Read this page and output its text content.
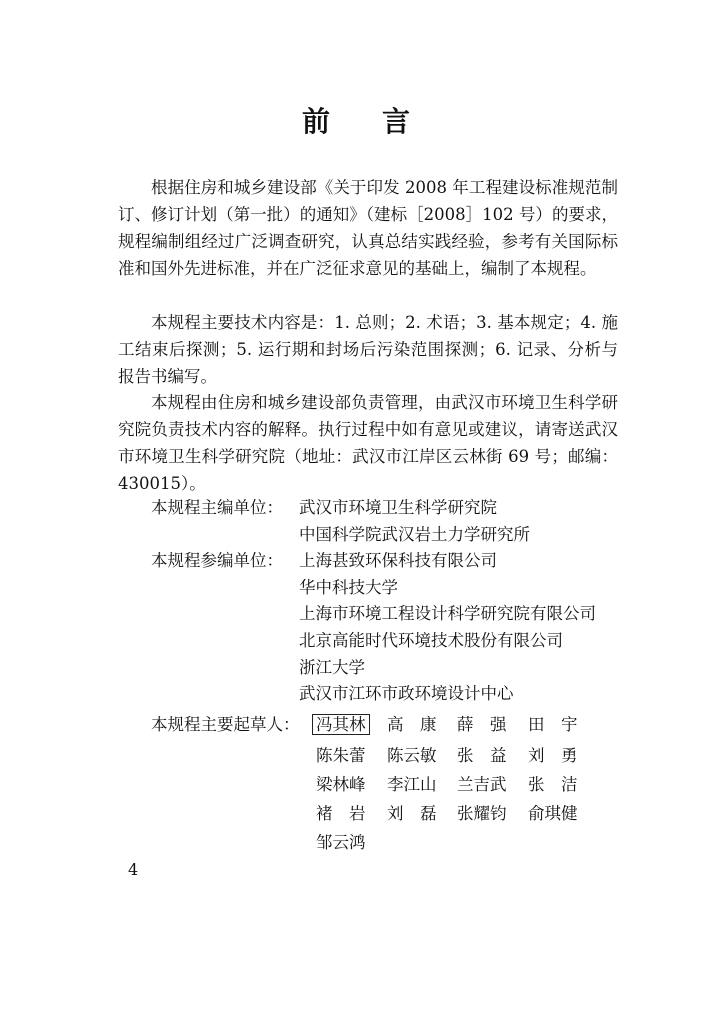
前 言

根据住房和城乡建设部《关于印发 2008 年工程建设标准规范制订、修订计划（第一批）的通知》（建标［2008］102 号）的要求，规程编制组经过广泛调查研究，认真总结实践经验，参考有关国际标准和国外先进标准，并在广泛征求意见的基础上，编制了本规程。

本规程主要技术内容是：1. 总则；2. 术语；3. 基本规定；4. 施工结束后探测；5. 运行期和封场后污染范围探测；6. 记录、分析与报告书编写。

本规程由住房和城乡建设部负责管理，由武汉市环境卫生科学研究院负责技术内容的解释。执行过程中如有意见或建议，请寄送武汉市环境卫生科学研究院（地址：武汉市江岸区云林街 69 号；邮编：430015）。

本规程主编单位： 武汉市环境卫生科学研究院
中国科学院武汉岩土力学研究所
本规程参编单位： 上海甚致环保科技有限公司
华中科技大学
上海市环境工程设计科学研究院有限公司
北京高能时代环境技术股份有限公司
浙江大学
武汉市江环市政环境设计中心
本规程主要起草人： 冯其林 高　康 薛　强 田　宇
陈朱蕾 陈云敏 张　益 刘　勇
梁林峰 李江山 兰吉武 张　洁
褚　岩 刘　磊 张耀钧 俞琪健
邹云鸿
4
